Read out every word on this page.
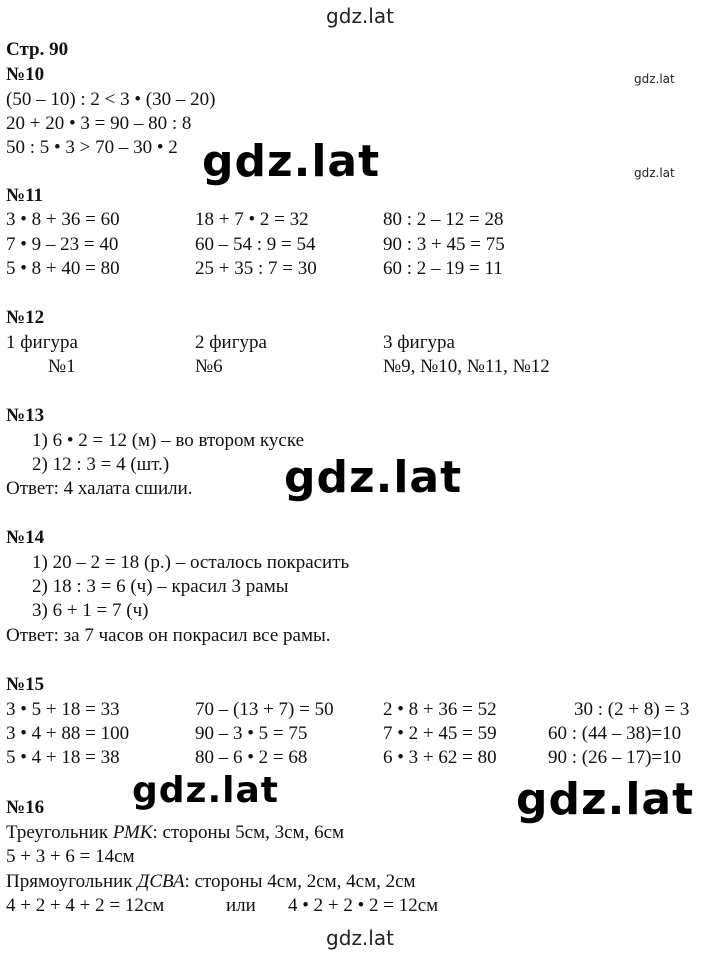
gdz.lat
gdz.lat
gdz.lat
gdz.lat
gdz.lat
gdz.lat	gdz.lat
gdz.lat
Стр. 90
№10
(50 – 10) : 2 < 3 • (30 – 20)
20 + 20 • 3 = 90 – 80 : 8
50 : 5 • 3 > 70 – 30 • 2
№11
3 • 8 + 36 = 60	18 + 7 • 2 = 32	80 : 2 – 12 = 28
7 • 9 – 23 = 40	60 – 54 : 9 = 54	90 : 3 + 45 = 75
5 • 8 + 40 = 80	25 + 35 : 7 = 30	60 : 2 – 19 = 11
№12
1 фигура	2 фигура	3 фигура
№1	№6	№9, №10, №11, №12
№13
1) 6 • 2 = 12 (м) – во втором куске
2) 12 : 3 = 4 (шт.)
Ответ: 4 халата сшили.
№14
1) 20 – 2 = 18 (р.) – осталось покрасить
2) 18 : 3 = 6 (ч) – красил 3 рамы
3) 6 + 1 = 7 (ч)
Ответ: за 7 часов он покрасил все рамы.
№15
3 • 5 + 18 = 33	70 – (13 + 7) = 50	2 • 8 + 36 = 52	30 : (2 + 8) = 3
3 • 4 + 88 = 100	90 – 3 • 5 = 75	7 • 2 + 45 = 59	60 : (44 – 38)=10
5 • 4 + 18 = 38	80 – 6 • 2 = 68	6 • 3 + 62 = 80	90 : (26 – 17)=10
№16
Треугольник РМК: стороны 5см, 3см, 6см
5 + 3 + 6 = 14см
Прямоугольник ДСВА: стороны 4см, 2см, 4см, 2см
4 + 2 + 4 + 2 = 12см	или 4 • 2 + 2 • 2 = 12см
